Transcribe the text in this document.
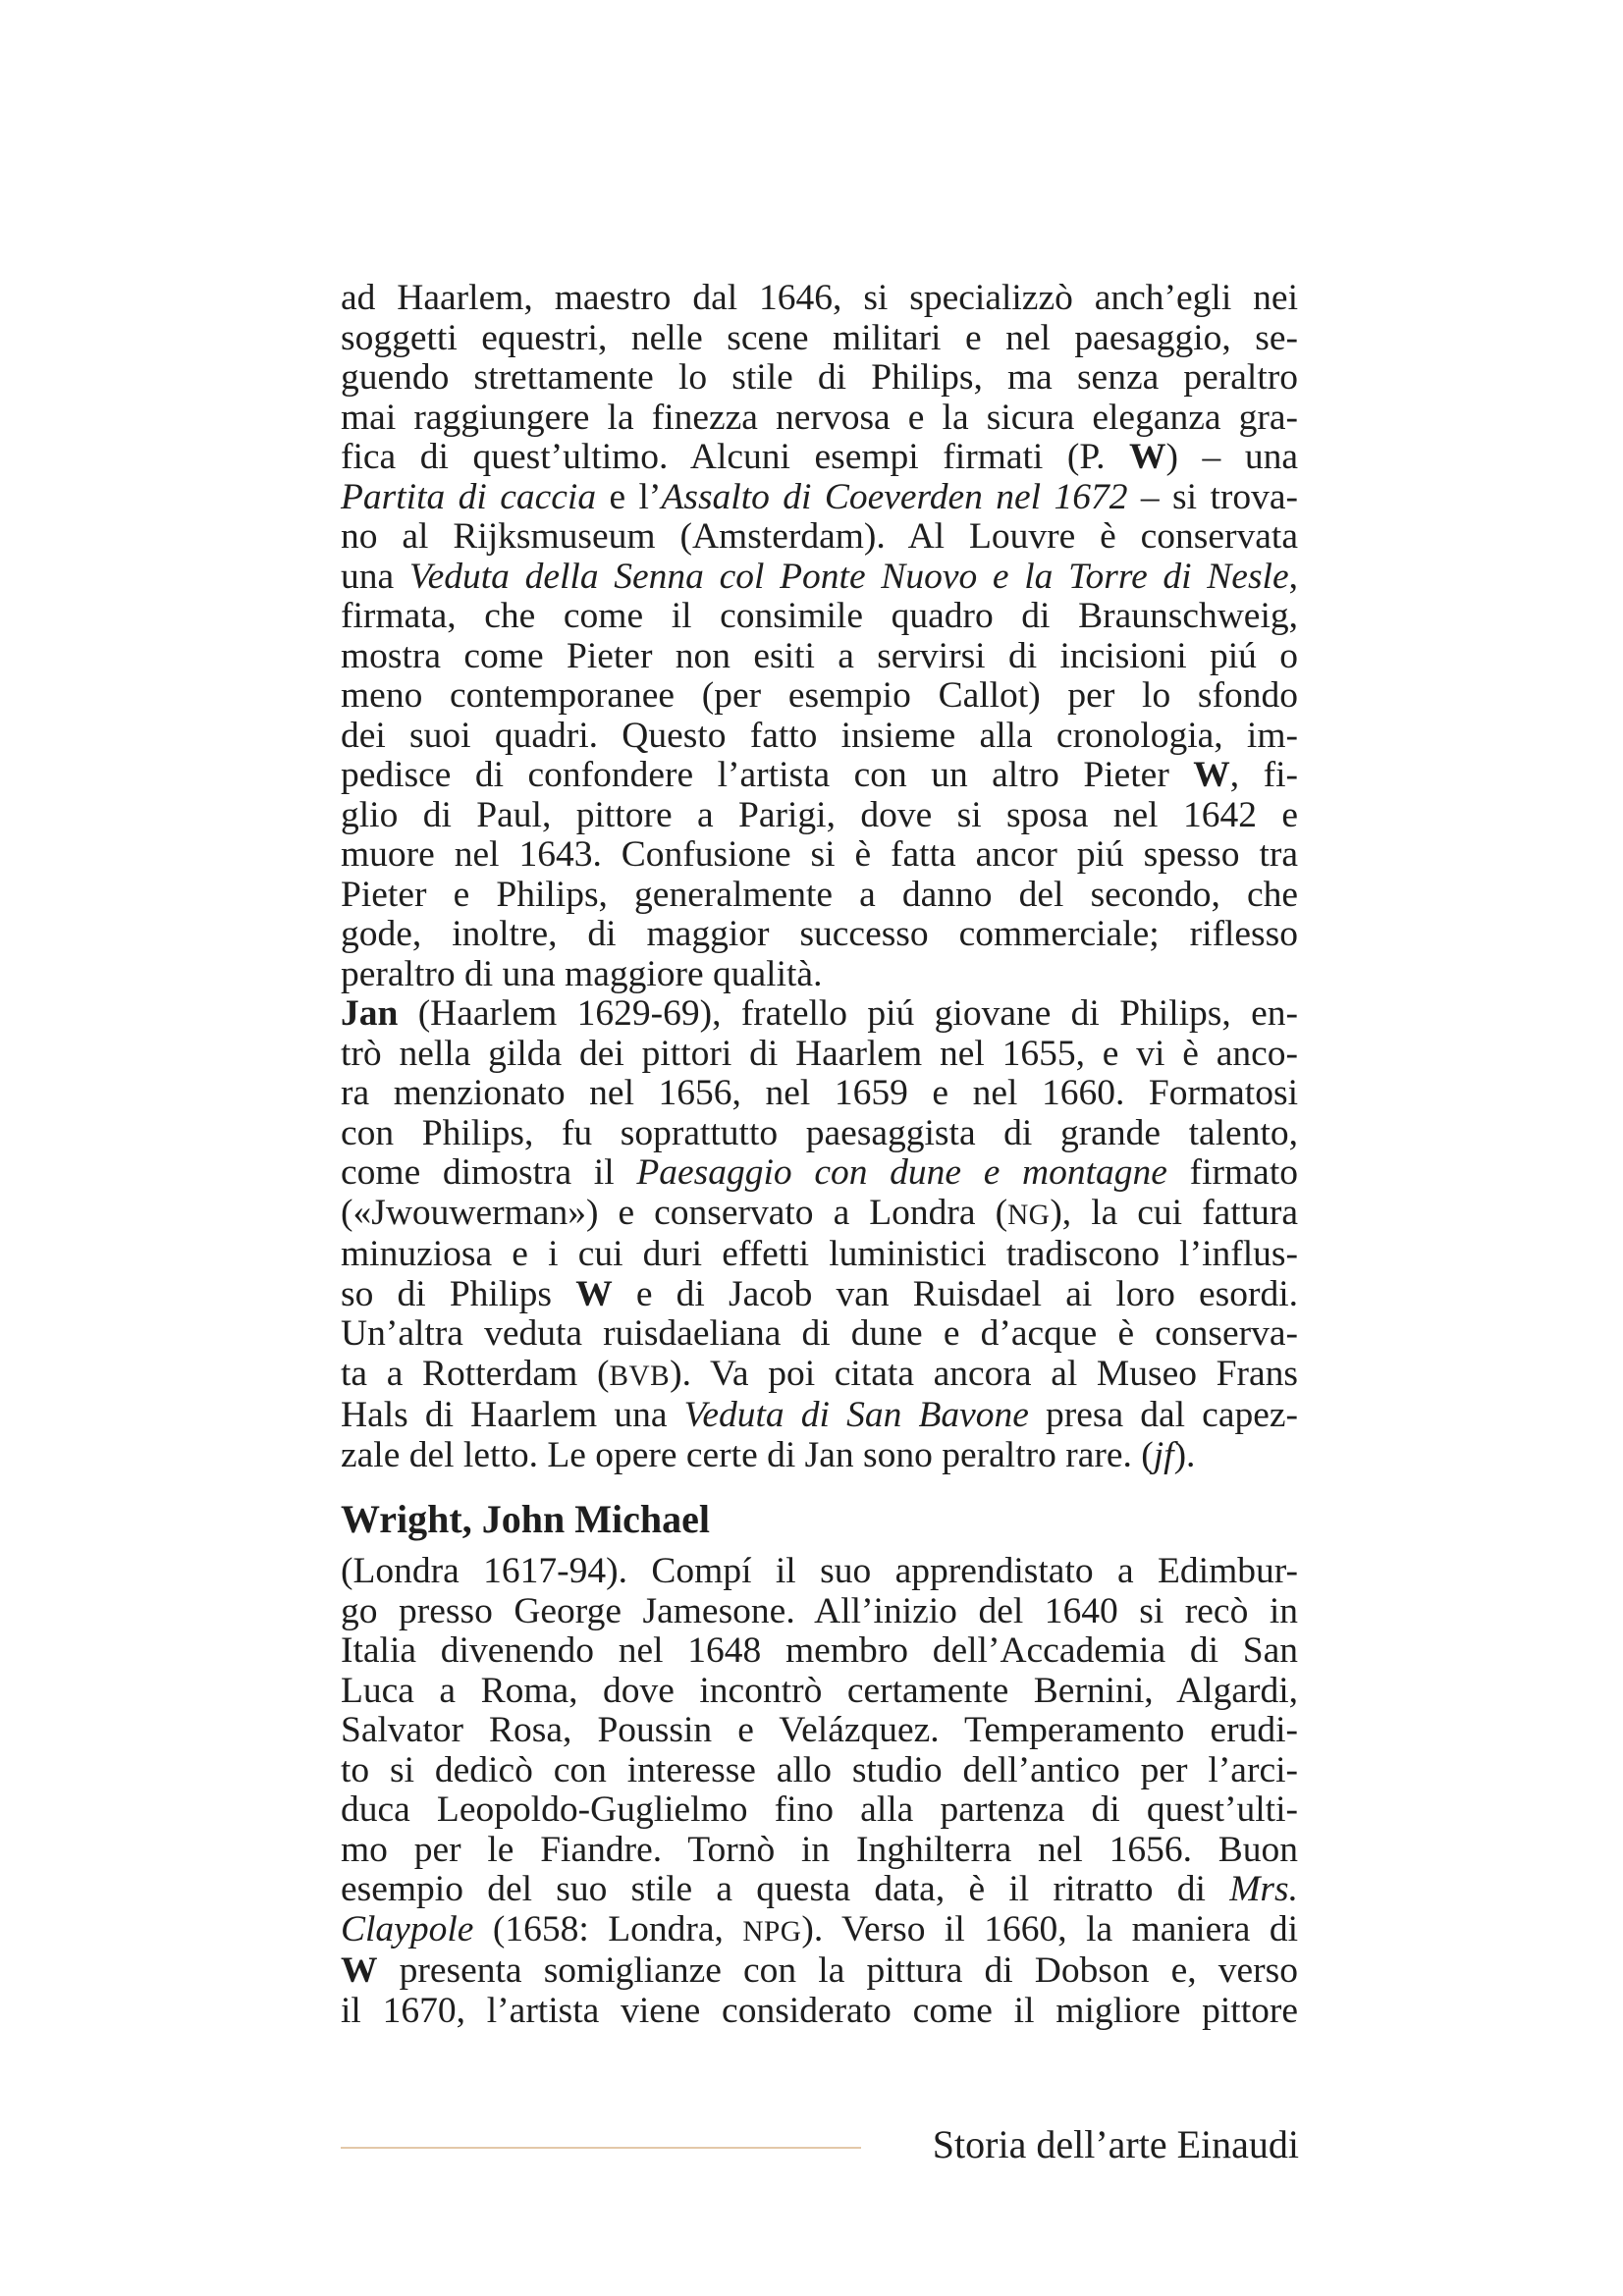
ad Haarlem, maestro dal 1646, si specializzò anch’egli nei
soggetti equestri, nelle scene militari e nel paesaggio, se-
guendo strettamente lo stile di Philips, ma senza peraltro
mai raggiungere la finezza nervosa e la sicura eleganza gra-
fica di quest’ultimo. Alcuni esempi firmati (P. W) – una
Partita di caccia e l’Assalto di Coeverden nel 1672 – si trova-
no al Rijksmuseum (Amsterdam). Al Louvre è conservata
una Veduta della Senna col Ponte Nuovo e la Torre di Nesle,
firmata, che come il consimile quadro di Braunschweig,
mostra come Pieter non esiti a servirsi di incisioni piú o
meno contemporanee (per esempio Callot) per lo sfondo
dei suoi quadri. Questo fatto insieme alla cronologia, im-
pedisce di confondere l’artista con un altro Pieter W, fi-
glio di Paul, pittore a Parigi, dove si sposa nel 1642 e
muore nel 1643. Confusione si è fatta ancor piú spesso tra
Pieter e Philips, generalmente a danno del secondo, che
gode, inoltre, di maggior successo commerciale; riflesso
peraltro di una maggiore qualità.
Jan (Haarlem 1629-69), fratello piú giovane di Philips, en-
trò nella gilda dei pittori di Haarlem nel 1655, e vi è anco-
ra menzionato nel 1656, nel 1659 e nel 1660. Formatosi
con Philips, fu soprattutto paesaggista di grande talento,
come dimostra il Paesaggio con dune e montagne firmato
(«Jwouwerman») e conservato a Londra (NG), la cui fattura
minuziosa e i cui duri effetti luministici tradiscono l’influs-
so di Philips W e di Jacob van Ruisdael ai loro esordi.
Un’altra veduta ruisdaeliana di dune e d’acque è conserva-
ta a Rotterdam (BVB). Va poi citata ancora al Museo Frans
Hals di Haarlem una Veduta di San Bavone presa dal capez-
zale del letto. Le opere certe di Jan sono peraltro rare. (jf).
Wright, John Michael
(Londra 1617-94). Compí il suo apprendistato a Edimbur-
go presso George Jamesone. All’inizio del 1640 si recò in
Italia divenendo nel 1648 membro dell’Accademia di San
Luca a Roma, dove incontrò certamente Bernini, Algardi,
Salvator Rosa, Poussin e Velázquez. Temperamento erudi-
to si dedicò con interesse allo studio dell’antico per l’arci-
duca Leopoldo-Guglielmo fino alla partenza di quest’ulti-
mo per le Fiandre. Tornò in Inghilterra nel 1656. Buon
esempio del suo stile a questa data, è il ritratto di Mrs.
Claypole (1658: Londra, NPG). Verso il 1660, la maniera di
W presenta somiglianze con la pittura di Dobson e, verso
il 1670, l’artista viene considerato come il migliore pittore
Storia dell’arte Einaudi
